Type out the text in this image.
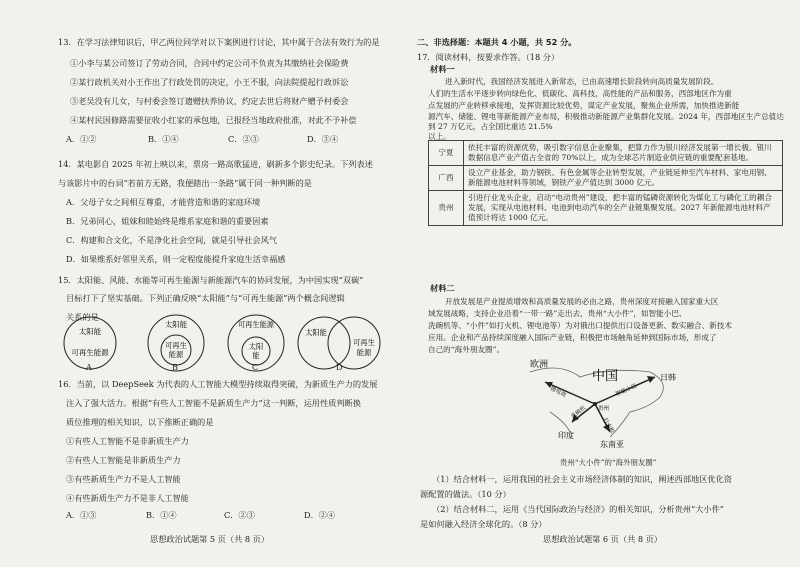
13．在学习法律知识后，甲乙两位同学对以下案例进行讨论，其中属于合法有效行为的是
①小李与某公司签订了劳动合同，合同中约定公司不负责为其缴纳社会保险费
②某行政机关对小王作出了行政处罚的决定，小王不服，向法院提起行政诉讼
③老吴没有儿女，与村委会签订遗赠扶养协议，约定去世后将财产赠予村委会
④某村民因修路需要征收小红家的承包地，已报经当地政府批准，对此不予补偿
A．①②	B．①④	C．②③	D．③④
14．某电影自 2025 年初上映以来，票房一路高歌猛进，刷新多个影史纪录。下列表述
与该影片中的台词“若前方无路，我便踏出一条路”属于同一种判断的是
A．父母子女之间相互尊重，才能营造和谐的家庭环境
B．兄弟同心，姐妹和睦始终是维系家庭和谐的重要因素
C．构建和合文化，不是净化社会空间，就是引导社会风气
D．如果维系好邻里关系，则一定程度能提升家庭生活幸福感
15．太阳能、风能、水能等可再生能源与新能源汽车的协同发展，为中国实现“双碳”
目标打下了坚实基础。下列正确反映“太阳能”与“可再生能源”两个概念间逻辑
关系的是
太阳能
可再生能源
太阳能
可再生
能源
可再生能源
太阳
能
太阳能
可再生
能源
A	B	C	D
16．当前，以 DeepSeek 为代表的人工智能大模型持续取得突破，为新质生产力的发展
注入了强大活力。根据“有些人工智能不是新质生产力”这一判断，运用性质判断换
质位推理的相关知识，以下推断正确的是
①有些人工智能不是非新质生产力
②有些人工智能是非新质生产力
③有些新质生产力不是人工智能
④有些新质生产力不是非人工智能
A．①③	B．①④	C．②③	D．②④
思想政治试题第 5 页（共 8 页）
二、非选择题：本题共 4 小题，共 52 分。
17．阅读材料，按要求作答。（18 分）
材料一
进入新时代，我国经济发展进入新常态，已由高速增长阶段转向高质量发展阶段。
人们的生活水平逐步转向绿色化、低碳化、高科技，高性能的产品和服务，西部地区作为重
点发展的产业转移承接地，发挥资源比较优势，谋定产业发展，聚焦企业所需，加快推进新能
源汽车、储能、锂电等新能源产业布局，积极推动新能源产业集群化发展。2024 年，西部地区生产总值达到 27 万亿元，占全国比重达 21.5%
以上。
宁夏	依托丰富的资源优势，吸引数字信息企业聚集，把算力作为银川经济发展第一增长极。银川数据信息产业产值占全省的 70%以上，成为全球芯片制造业供应链的重要配套基地。
广西	设立产业基金，助力钢铁、有色金属等企业转型发展，产业链延伸至汽车材料、家电用钢、新能源电池材料等领域，钢铁产业产值达到 3000 亿元。
贵州	引进行业龙头企业，启动“电动贵州”建设，把丰富的锰磷资源转化为煤化工与磷化工的耦合发展，实现从电池材料、电池到电动汽车的全产业链集聚发展。2027 年新能源电池材料产值预计将达 1000 亿元。
材料二
开放发展是产业提质增效和高质量发展的必由之路，贵州深度对接融入国家重大区
域发展战略，支持企业沿着“一带一路”走出去，贵州“大小件”，如智能小巴、
洗碗机等、“小件”如打火机、锂电池等）为对俄出口提供出口设备更新、数实融合、新技术
应用。企业和产品持续深度融入国际产业链，积极把市场触角延伸到国际市场，形成了
自己的“海外朋友圈”。
欧洲
中国	日韩
印度
东南亚
贵州
锂电池	智能小巴
洗碗机
打火机
贵州“大小件”的“海外朋友圈”
（1）结合材料一，运用我国的社会主义市场经济体制的知识，阐述西部地区优化资
源配置的做法。（10 分）
（2）结合材料二，运用《当代国际政治与经济》的相关知识，分析贵州“大小件”
是如何融入经济全球化的。（8 分）
思想政治试题第 6 页（共 8 页）
